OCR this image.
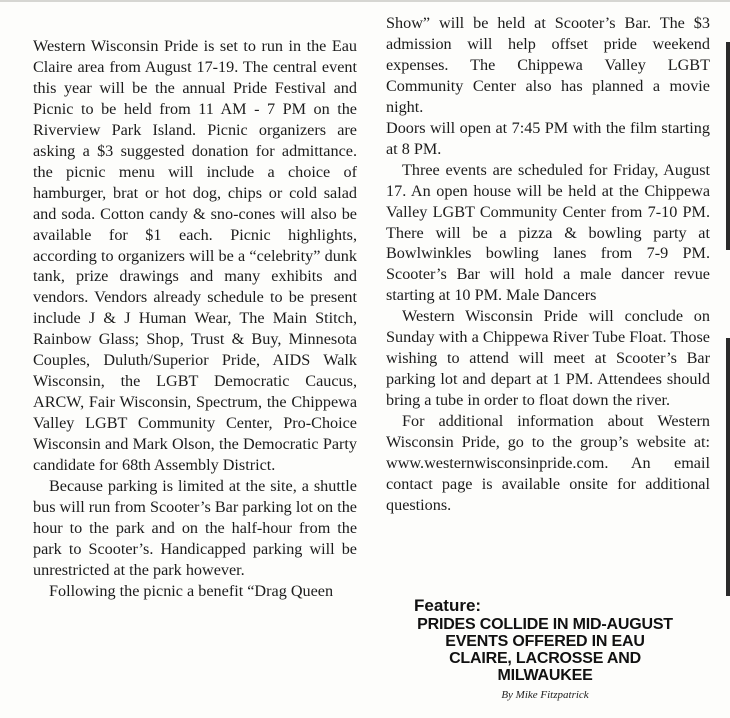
Western Wisconsin Pride is set to run in the Eau Claire area from August 17-19. The central event this year will be the annual Pride Festival and Picnic to be held from 11 AM - 7 PM on the Riverview Park Island. Picnic organizers are asking a $3 suggested donation for admittance. the picnic menu will include a choice of hamburger, brat or hot dog, chips or cold salad and soda. Cotton candy & sno-cones will also be available for $1 each. Picnic highlights, according to organizers will be a “celebrity” dunk tank, prize drawings and many exhibits and vendors. Vendors already schedule to be present include J & J Human Wear, The Main Stitch, Rainbow Glass; Shop, Trust & Buy, Minnesota Couples, Duluth/Superior Pride, AIDS Walk Wisconsin, the LGBT Democratic Caucus, ARCW, Fair Wisconsin, Spectrum, the Chippewa Valley LGBT Community Center, Pro-Choice Wisconsin and Mark Olson, the Democratic Party candidate for 68th Assembly District.

Because parking is limited at the site, a shuttle bus will run from Scooter’s Bar parking lot on the hour to the park and on the half-hour from the park to Scooter’s. Handicapped parking will be unrestricted at the park however.

Following the picnic a benefit “Drag Queen

Show” will be held at Scooter’s Bar. The $3 admission will help offset pride weekend expenses. The Chippewa Valley LGBT Community Center also has planned a movie night.

Doors will open at 7:45 PM with the film starting at 8 PM.

Three events are scheduled for Friday, August 17. An open house will be held at the Chippewa Valley LGBT Community Center from 7-10 PM. There will be a pizza & bowling party at Bowlwinkles bowling lanes from 7-9 PM. Scooter’s Bar will hold a male dancer revue starting at 10 PM. Male Dancers

Western Wisconsin Pride will conclude on Sunday with a Chippewa River Tube Float. Those wishing to attend will meet at Scooter’s Bar parking lot and depart at 1 PM. Attendees should bring a tube in order to float down the river.

For additional information about Western Wisconsin Pride, go to the group’s website at: www.westernwisconsinpride.com. An email contact page is available onsite for additional questions.

Feature:
PRIDES COLLIDE IN MID-AUGUST
EVENTS OFFERED IN EAU
CLAIRE, LACROSSE AND
MILWAUKEE
By Mike Fitzpatrick
